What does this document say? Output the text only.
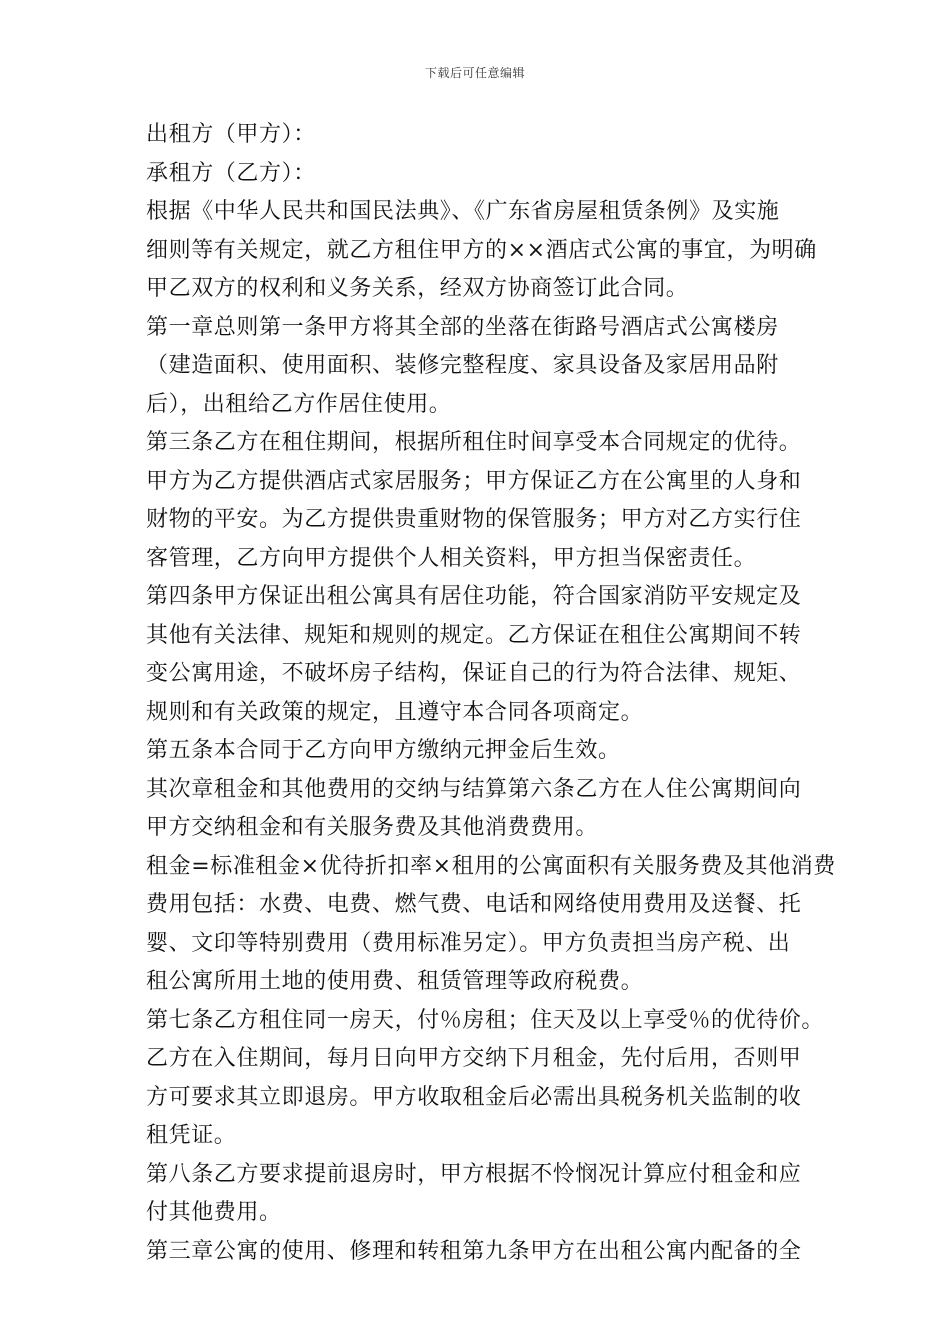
下载后可任意编辑
出租方（甲方）：
承租方（乙方）：
根据《中华人民共和国民法典》、《广东省房屋租赁条例》及实施
细则等有关规定，就乙方租住甲方的××酒店式公寓的事宜，为明确
甲乙双方的权利和义务关系，经双方协商签订此合同。
第一章总则第一条甲方将其全部的坐落在街路号酒店式公寓楼房
（建造面积、使用面积、装修完整程度、家具设备及家居用品附
后），出租给乙方作居住使用。
第三条乙方在租住期间，根据所租住时间享受本合同规定的优待。
甲方为乙方提供酒店式家居服务；甲方保证乙方在公寓里的人身和
财物的平安。为乙方提供贵重财物的保管服务；甲方对乙方实行住
客管理，乙方向甲方提供个人相关资料，甲方担当保密责任。
第四条甲方保证出租公寓具有居住功能，符合国家消防平安规定及
其他有关法律、规矩和规则的规定。乙方保证在租住公寓期间不转
变公寓用途，不破坏房子结构，保证自己的行为符合法律、规矩、
规则和有关政策的规定，且遵守本合同各项商定。
第五条本合同于乙方向甲方缴纳元押金后生效。
其次章租金和其他费用的交纳与结算第六条乙方在人住公寓期间向
甲方交纳租金和有关服务费及其他消费费用。
租金=标准租金×优待折扣率×租用的公寓面积有关服务费及其他消费
费用包括：水费、电费、燃气费、电话和网络使用费用及送餐、托
婴、文印等特别费用（费用标准另定）。甲方负责担当房产税、出
租公寓所用土地的使用费、租赁管理等政府税费。
第七条乙方租住同一房天，付％房租；住天及以上享受％的优待价。
乙方在入住期间，每月日向甲方交纳下月租金，先付后用，否则甲
方可要求其立即退房。甲方收取租金后必需出具税务机关监制的收
租凭证。
第八条乙方要求提前退房时，甲方根据不怜悯况计算应付租金和应
付其他费用。
第三章公寓的使用、修理和转租第九条甲方在出租公寓内配备的全
